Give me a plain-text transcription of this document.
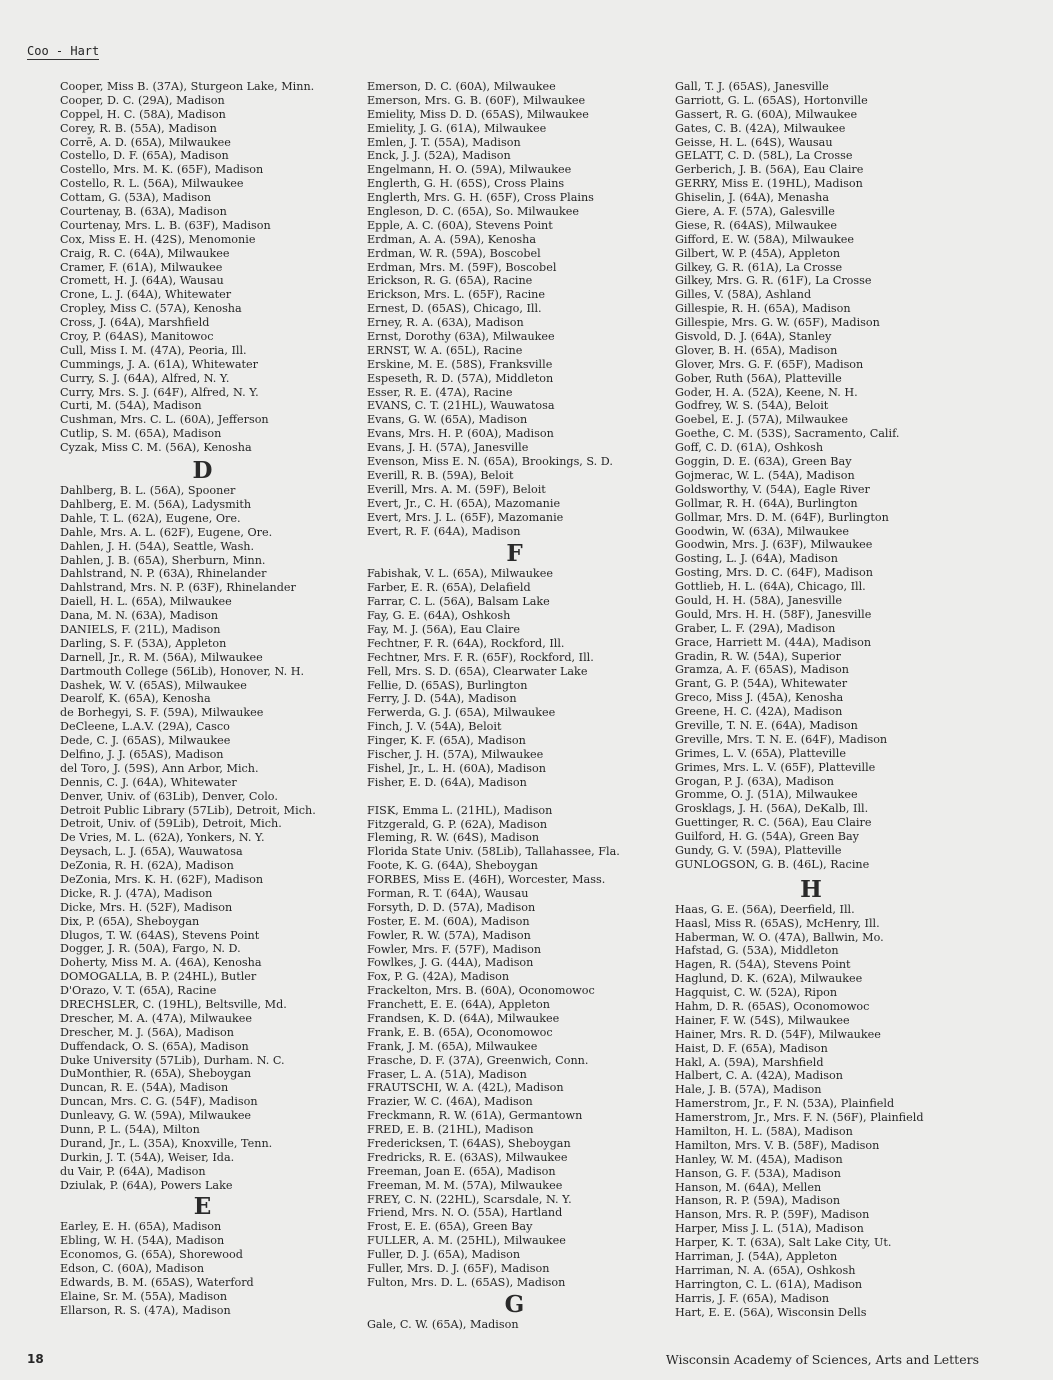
Coo - Hart
Cooper, Miss B. (37A), Sturgeon Lake, Minn.
Cooper, D. C. (29A), Madison
Coppel, H. C. (58A), Madison
Corey, R. B. (55A), Madison
Corrē, A. D. (65A), Milwaukee
Costello, D. F. (65A), Madison
Costello, Mrs. M. K. (65F), Madison
Costello, R. L. (56A), Milwaukee
Cottam, G. (53A), Madison
Courtenay, B. (63A), Madison
Courtenay, Mrs. L. B. (63F), Madison
Cox, Miss E. H. (42S), Menomonie
Craig, R. C. (64A), Milwaukee
Cramer, F. (61A), Milwaukee
Cromett, H. J. (64A), Wausau
Crone, L. J. (64A), Whitewater
Cropley, Miss C. (57A), Kenosha
Cross, J. (64A), Marshfield
Croy, P. (64AS), Manitowoc
Cull, Miss I. M. (47A), Peoria, Ill.
Cummings, J. A. (61A), Whitewater
Curry, S. J. (64A), Alfred, N. Y.
Curry, Mrs. S. J. (64F), Alfred, N. Y.
Curti, M. (54A), Madison
Cushman, Mrs. C. L. (60A), Jefferson
Cutlip, S. M. (65A), Madison
Cyzak, Miss C. M. (56A), Kenosha
D
Dahlberg, B. L. (56A), Spooner
Dahlberg, E. M. (56A), Ladysmith
Dahle, T. L. (62A), Eugene, Ore.
Dahle, Mrs. A. L. (62F), Eugene, Ore.
Dahlen, J. H. (54A), Seattle, Wash.
Dahlen, J. B. (65A), Sherburn, Minn.
Dahlstrand, N. P. (63A), Rhinelander
Dahlstrand, Mrs. N. P. (63F), Rhinelander
Daiell, H. L. (65A), Milwaukee
Dana, M. N. (63A), Madison
DANIELS, F. (21L), Madison
Darling, S. F. (53A), Appleton
Darnell, Jr., R. M. (56A), Milwaukee
Dartmouth College (56Lib), Honover, N. H.
Dashek, W. V. (65AS), Milwaukee
Dearolf, K. (65A), Kenosha
de Borhegyi, S. F. (59A), Milwaukee
DeCleene, L.A.V. (29A), Casco
Dede, C. J. (65AS), Milwaukee
Delfino, J. J. (65AS), Madison
del Toro, J. (59S), Ann Arbor, Mich.
Dennis, C. J. (64A), Whitewater
Denver, Univ. of (63Lib), Denver, Colo.
Detroit Public Library (57Lib), Detroit, Mich.
Detroit, Univ. of (59Lib), Detroit, Mich.
De Vries, M. L. (62A), Yonkers, N. Y.
Deysach, L. J. (65A), Wauwatosa
DeZonia, R. H. (62A), Madison
DeZonia, Mrs. K. H. (62F), Madison
Dicke, R. J. (47A), Madison
Dicke, Mrs. H. (52F), Madison
Dix, P. (65A), Sheboygan
Dlugos, T. W. (64AS), Stevens Point
Dogger, J. R. (50A), Fargo, N. D.
Doherty, Miss M. A. (46A), Kenosha
DOMOGALLA, B. P. (24HL), Butler
D'Orazo, V. T. (65A), Racine
DRECHSLER, C. (19HL), Beltsville, Md.
Drescher, M. A. (47A), Milwaukee
Drescher, M. J. (56A), Madison
Duffendack, O. S. (65A), Madison
Duke University (57Lib), Durham. N. C.
DuMonthier, R. (65A), Sheboygan
Duncan, R. E. (54A), Madison
Duncan, Mrs. C. G. (54F), Madison
Dunleavy, G. W. (59A), Milwaukee
Dunn, P. L. (54A), Milton
Durand, Jr., L. (35A), Knoxville, Tenn.
Durkin, J. T. (54A), Weiser, Ida.
du Vair, P. (64A), Madison
Dziulak, P. (64A), Powers Lake
E
Earley, E. H. (65A), Madison
Ebling, W. H. (54A), Madison
Economos, G. (65A), Shorewood
Edson, C. (60A), Madison
Edwards, B. M. (65AS), Waterford
Elaine, Sr. M. (55A), Madison
Ellarson, R. S. (47A), Madison
Emerson, D. C. (60A), Milwaukee
Emerson, Mrs. G. B. (60F), Milwaukee
Emielity, Miss D. D. (65AS), Milwaukee
Emielity, J. G. (61A), Milwaukee
Emlen, J. T. (55A), Madison
Enck, J. J. (52A), Madison
Engelmann, H. O. (59A), Milwaukee
Englerth, G. H. (65S), Cross Plains
Englerth, Mrs. G. H. (65F), Cross Plains
Engleson, D. C. (65A), So. Milwaukee
Epple, A. C. (60A), Stevens Point
Erdman, A. A. (59A), Kenosha
Erdman, W. R. (59A), Boscobel
Erdman, Mrs. M. (59F), Boscobel
Erickson, R. G. (65A), Racine
Erickson, Mrs. L. (65F), Racine
Ernest, D. (65AS), Chicago, Ill.
Erney, R. A. (63A), Madison
Ernst, Dorothy (63A), Milwaukee
ERNST, W. A. (65L), Racine
Erskine, M. E. (58S), Franksville
Espeseth, R. D. (57A), Middleton
Esser, R. E. (47A), Racine
EVANS, C. T. (21HL), Wauwatosa
Evans, G. W. (65A), Madison
Evans, Mrs. H. P. (60A), Madison
Evans, J. H. (57A), Janesville
Evenson, Miss E. N. (65A), Brookings, S. D.
Everill, R. B. (59A), Beloit
Everill, Mrs. A. M. (59F), Beloit
Evert, Jr., C. H. (65A), Mazomanie
Evert, Mrs. J. L. (65F), Mazomanie
Evert, R. F. (64A), Madison
F
Fabishak, V. L. (65A), Milwaukee
Farber, E. R. (65A), Delafield
Farrar, C. L. (56A), Balsam Lake
Fay, G. E. (64A), Oshkosh
Fay, M. J. (56A), Eau Claire
Fechtner, F. R. (64A), Rockford, Ill.
Fechtner, Mrs. F. R. (65F), Rockford, Ill.
Fell, Mrs. S. D. (65A), Clearwater Lake
Fellie, D. (65AS), Burlington
Ferry, J. D. (54A), Madison
Ferwerda, G. J. (65A), Milwaukee
Finch, J. V. (54A), Beloit
Finger, K. F. (65A), Madison
Fischer, J. H. (57A), Milwaukee
Fishel, Jr., L. H. (60A), Madison
Fisher, E. D. (64A), Madison
FISK, Emma L. (21HL), Madison
Fitzgerald, G. P. (62A), Madison
Fleming, R. W. (64S), Madison
Florida State Univ. (58Lib), Tallahassee, Fla.
Foote, K. G. (64A), Sheboygan
FORBES, Miss E. (46H), Worcester, Mass.
Forman, R. T. (64A), Wausau
Forsyth, D. D. (57A), Madison
Foster, E. M. (60A), Madison
Fowler, R. W. (57A), Madison
Fowler, Mrs. F. (57F), Madison
Fowlkes, J. G. (44A), Madison
Fox, P. G. (42A), Madison
Frackelton, Mrs. B. (60A), Oconomowoc
Franchett, E. E. (64A), Appleton
Frandsen, K. D. (64A), Milwaukee
Frank, E. B. (65A), Oconomowoc
Frank, J. M. (65A), Milwaukee
Frasche, D. F. (37A), Greenwich, Conn.
Fraser, L. A. (51A), Madison
FRAUTSCHI, W. A. (42L), Madison
Frazier, W. C. (46A), Madison
Freckmann, R. W. (61A), Germantown
FRED, E. B. (21HL), Madison
Fredericksen, T. (64AS), Sheboygan
Fredricks, R. E. (63AS), Milwaukee
Freeman, Joan E. (65A), Madison
Freeman, M. M. (57A), Milwaukee
FREY, C. N. (22HL), Scarsdale, N. Y.
Friend, Mrs. N. O. (55A), Hartland
Frost, E. E. (65A), Green Bay
FULLER, A. M. (25HL), Milwaukee
Fuller, D. J. (65A), Madison
Fuller, Mrs. D. J. (65F), Madison
Fulton, Mrs. D. L. (65AS), Madison
G
Gale, C. W. (65A), Madison
Gall, T. J. (65AS), Janesville
Garriott, G. L. (65AS), Hortonville
Gassert, R. G. (60A), Milwaukee
Gates, C. B. (42A), Milwaukee
Geisse, H. L. (64S), Wausau
GELATT, C. D. (58L), La Crosse
Gerberich, J. B. (56A), Eau Claire
GERRY, Miss E. (19HL), Madison
Ghiselin, J. (64A), Menasha
Giere, A. F. (57A), Galesville
Giese, R. (64AS), Milwaukee
Gifford, E. W. (58A), Milwaukee
Gilbert, W. P. (45A), Appleton
Gilkey, G. R. (61A), La Crosse
Gilkey, Mrs. G. R. (61F), La Crosse
Gilles, V. (58A), Ashland
Gillespie, R. H. (65A), Madison
Gillespie, Mrs. G. W. (65F), Madison
Gisvold, D. J. (64A), Stanley
Glover, B. H. (65A), Madison
Glover, Mrs. G. F. (65F), Madison
Gober, Ruth (56A), Platteville
Goder, H. A. (52A), Keene, N. H.
Godfrey, W. S. (54A), Beloit
Goebel, E. J. (57A), Milwaukee
Goethe, C. M. (53S), Sacramento, Calif.
Goff, C. D. (61A), Oshkosh
Goggin, D. E. (63A), Green Bay
Gojmerac, W. L. (54A), Madison
Goldsworthy, V. (54A), Eagle River
Gollmar, R. H. (64A), Burlington
Gollmar, Mrs. D. M. (64F), Burlington
Goodwin, W. (63A), Milwaukee
Goodwin, Mrs. J. (63F), Milwaukee
Gosting, L. J. (64A), Madison
Gosting, Mrs. D. C. (64F), Madison
Gottlieb, H. L. (64A), Chicago, Ill.
Gould, H. H. (58A), Janesville
Gould, Mrs. H. H. (58F), Janesville
Graber, L. F. (29A), Madison
Grace, Harriett M. (44A), Madison
Gradin, R. W. (54A), Superior
Gramza, A. F. (65AS), Madison
Grant, G. P. (54A), Whitewater
Greco, Miss J. (45A), Kenosha
Greene, H. C. (42A), Madison
Greville, T. N. E. (64A), Madison
Greville, Mrs. T. N. E. (64F), Madison
Grimes, L. V. (65A), Platteville
Grimes, Mrs. L. V. (65F), Platteville
Grogan, P. J. (63A), Madison
Gromme, O. J. (51A), Milwaukee
Grosklags, J. H. (56A), DeKalb, Ill.
Guettinger, R. C. (56A), Eau Claire
Guilford, H. G. (54A), Green Bay
Gundy, G. V. (59A), Platteville
GUNLOGSON, G. B. (46L), Racine
H
Haas, G. E. (56A), Deerfield, Ill.
Haasl, Miss R. (65AS), McHenry, Ill.
Haberman, W. O. (47A), Ballwin, Mo.
Hafstad, G. (53A), Middleton
Hagen, R. (54A), Stevens Point
Haglund, D. K. (62A), Milwaukee
Hagquist, C. W. (52A), Ripon
Hahm, D. R. (65AS), Oconomowoc
Hainer, F. W. (54S), Milwaukee
Hainer, Mrs. R. D. (54F), Milwaukee
Haist, D. F. (65A), Madison
Hakl, A. (59A), Marshfield
Halbert, C. A. (42A), Madison
Hale, J. B. (57A), Madison
Hamerstrom, Jr., F. N. (53A), Plainfield
Hamerstrom, Jr., Mrs. F. N. (56F), Plainfield
Hamilton, H. L. (58A), Madison
Hamilton, Mrs. V. B. (58F), Madison
Hanley, W. M. (45A), Madison
Hanson, G. F. (53A), Madison
Hanson, M. (64A), Mellen
Hanson, R. P. (59A), Madison
Hanson, Mrs. R. P. (59F), Madison
Harper, Miss J. L. (51A), Madison
Harper, K. T. (63A), Salt Lake City, Ut.
Harriman, J. (54A), Appleton
Harriman, N. A. (65A), Oshkosh
Harrington, C. L. (61A), Madison
Harris, J. F. (65A), Madison
Hart, E. E. (56A), Wisconsin Dells
18	Wisconsin Academy of Sciences, Arts and Letters
